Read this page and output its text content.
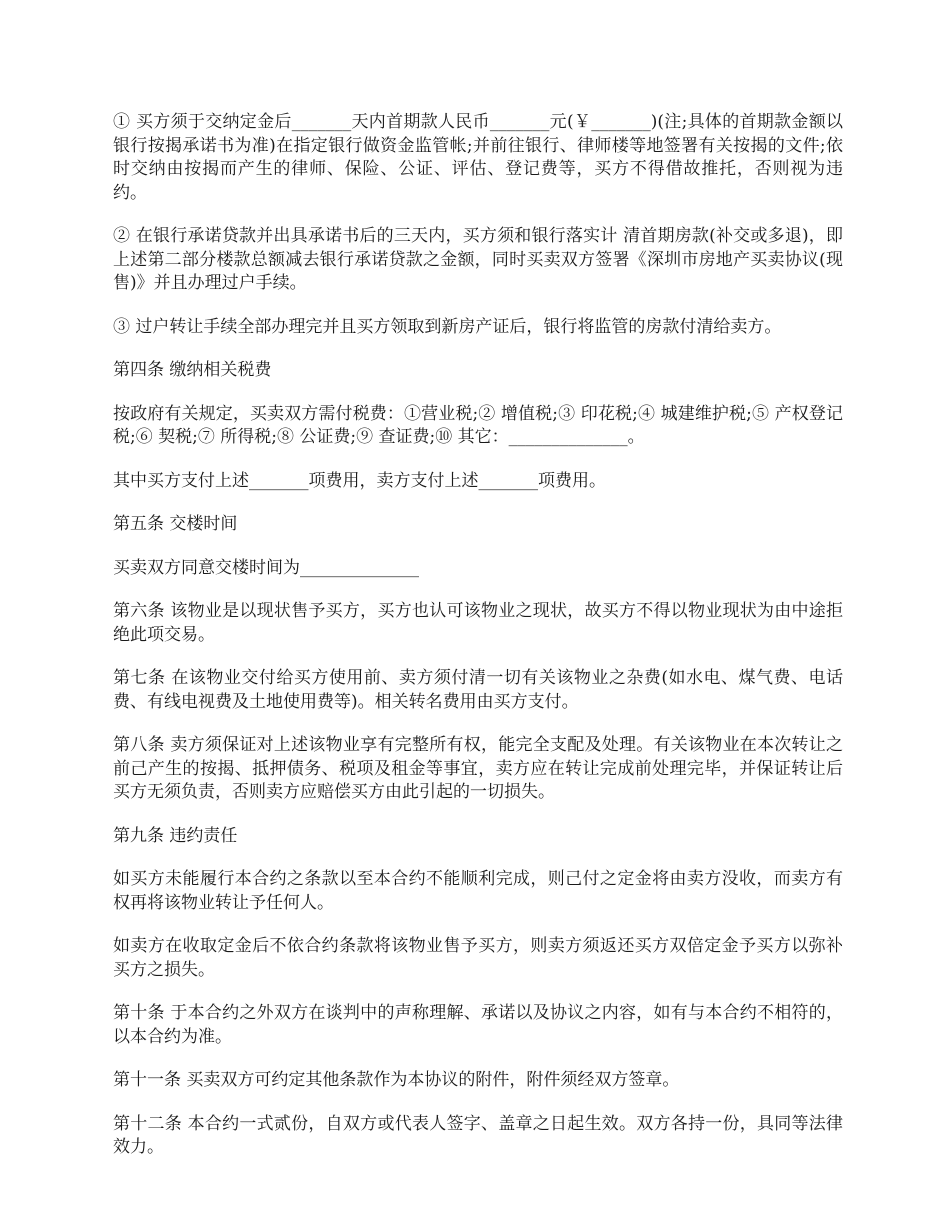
① 买方须于交纳定金后_______天内首期款人民币_______元(￥_______)(注;具体的首期款金额以银行按揭承诺书为准)在指定银行做资金监管帐;并前往银行、律师楼等地签署有关按揭的文件;依时交纳由按揭而产生的律师、保险、公证、评估、登记费等，买方不得借故推托，否则视为违约。

② 在银行承诺贷款并出具承诺书后的三天内，买方须和银行落实计 清首期房款(补交或多退)，即上述第二部分楼款总额减去银行承诺贷款之金额，同时买卖双方签署《深圳市房地产买卖协议(现售)》并且办理过户手续。

③ 过户转让手续全部办理完并且买方领取到新房产证后，银行将监管的房款付清给卖方。

第四条 缴纳相关税费

按政府有关规定，买卖双方需付税费：①营业税;② 增值税;③ 印花税;④ 城建维护税;⑤ 产权登记税;⑥ 契税;⑦ 所得税;⑧ 公证费;⑨ 查证费;⑩ 其它：______________。

其中买方支付上述_______项费用，卖方支付上述_______项费用。

第五条 交楼时间

买卖双方同意交楼时间为______________

第六条 该物业是以现状售予买方，买方也认可该物业之现状，故买方不得以物业现状为由中途拒绝此项交易。

第七条 在该物业交付给买方使用前、卖方须付清一切有关该物业之杂费(如水电、煤气费、电话费、有线电视费及土地使用费等)。相关转名费用由买方支付。

第八条 卖方须保证对上述该物业享有完整所有权，能完全支配及处理。有关该物业在本次转让之前己产生的按揭、抵押债务、税项及租金等事宜，卖方应在转让完成前处理完毕，并保证转让后买方无须负责，否则卖方应赔偿买方由此引起的一切损失。

第九条 违约责任

如买方未能履行本合约之条款以至本合约不能顺利完成，则己付之定金将由卖方没收，而卖方有权再将该物业转让予任何人。

如卖方在收取定金后不依合约条款将该物业售予买方，则卖方须返还买方双倍定金予买方以弥补买方之损失。

第十条 于本合约之外双方在谈判中的声称理解、承诺以及协议之内容，如有与本合约不相符的，以本合约为准。

第十一条 买卖双方可约定其他条款作为本协议的附件，附件须经双方签章。

第十二条 本合约一式贰份，自双方或代表人签字、盖章之日起生效。双方各持一份，具同等法律效力。
